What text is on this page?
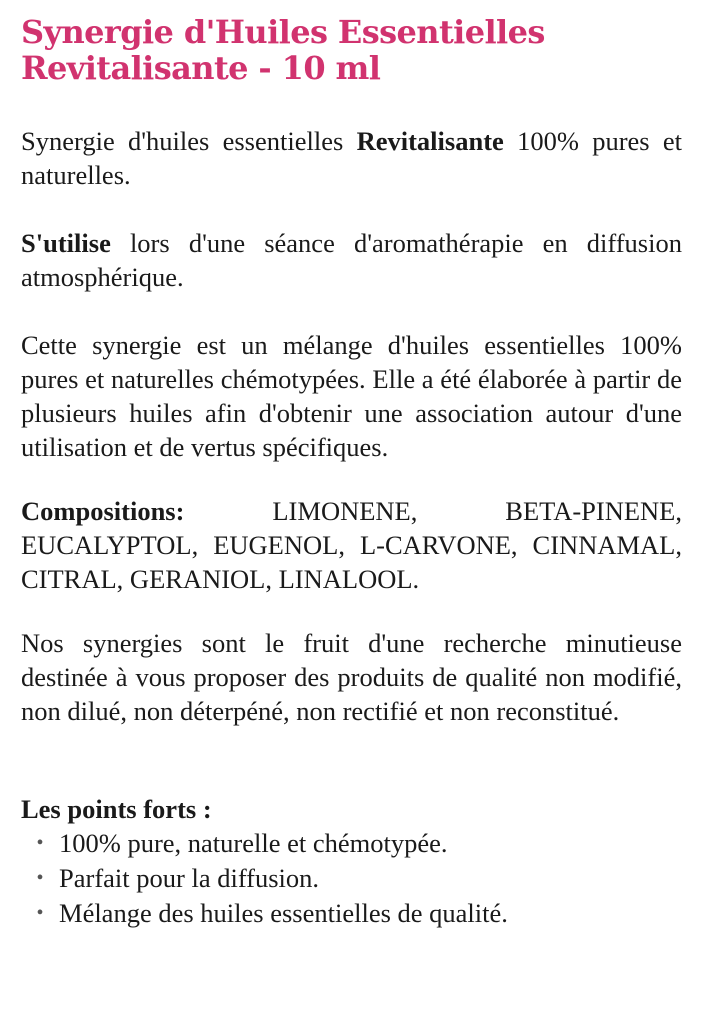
Synergie d'Huiles Essentielles
Revitalisante - 10 ml

Synergie d'huiles essentielles Revitalisante 100% pures et naturelles.

S'utilise lors d'une séance d'aromathérapie en diffusion atmosphérique.

Cette synergie est un mélange d'huiles essentielles 100% pures et naturelles chémotypées. Elle a été élaborée à partir de plusieurs huiles afin d'obtenir une association autour d'une utilisation et de vertus spécifiques.

Compositions: LIMONENE, BETA-PINENE, EUCALYPTOL, EUGENOL, L-CARVONE, CINNAMAL, CITRAL, GERANIOL, LINALOOL.

Nos synergies sont le fruit d'une recherche minutieuse destinée à vous proposer des produits de qualité non modifié, non dilué, non déterpéné, non rectifié et non reconstitué.

Les points forts :
• 100% pure, naturelle et chémotypée.
• Parfait pour la diffusion.
• Mélange des huiles essentielles de qualité.
